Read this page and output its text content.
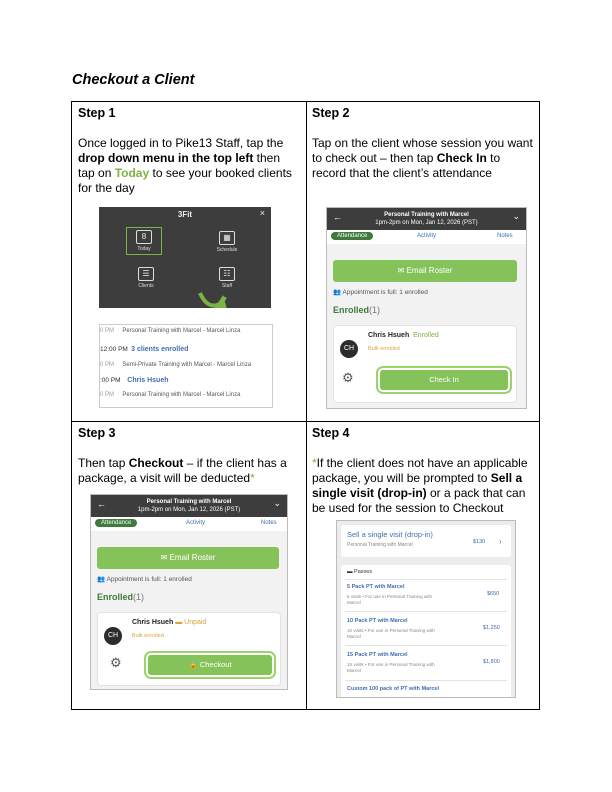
Checkout a Client
Step 1
Once logged in to Pike13 Staff, tap the drop down menu in the top left then tap on Today to see your booked clients for the day
3Fit	×
8
Today
▦
Schedule
☰
Clients
☷
Staff
0 PM Personal Training with Marcel - Marcel Linza
12:00 PM 3 clients enrolled
0 PM Semi-Private Training with Marcel - Marcel Linza
:00 PM Chris Hsueh
0 PM Personal Training with Marcel - Marcel Linza
Step 2
Tap on the client whose session you want to check out – then tap Check In to record that the client’s attendance
←	Personal Training with Marcel
1pm-2pm on Mon, Jan 12, 2026 (PST)
⌄
Attendance	Activity	Notes
✉ Email Roster
👥 Appointment is full: 1 enrolled
Enrolled(1)
CH
Chris Hsueh Enrolled
Bulk enrolled
⚙	Check In
Step 3
Then tap Checkout – if the client has a package, a visit will be deducted*
←	Personal Training with Marcel
1pm-2pm on Mon, Jan 12, 2026 (PST)
⌄
Attendance	Activity	Notes
✉ Email Roster
👥 Appointment is full: 1 enrolled
Enrolled(1)
CH
Chris Hsueh ▬ Unpaid
Bulk enrolled
⚙	🔒 Checkout
Step 4
*If the client does not have an applicable package, you will be prompted to Sell a single visit (drop-in) or a pack that can be used for the session to Checkout
Sell a single visit (drop-in)
Personal Training with Marcel	$130 ›
▬ Passes
5 Pack PT with Marcel
5 visits • For use in Personal Training with
Marcel
$650
10 Pack PT with Marcel
10 visits • For use in Personal Training with
Marcel
$1,250
15 Pack PT with Marcel
15 visits • For use in Personal Training with
Marcel
$1,800
Custom 100 pack of PT with Marcel
